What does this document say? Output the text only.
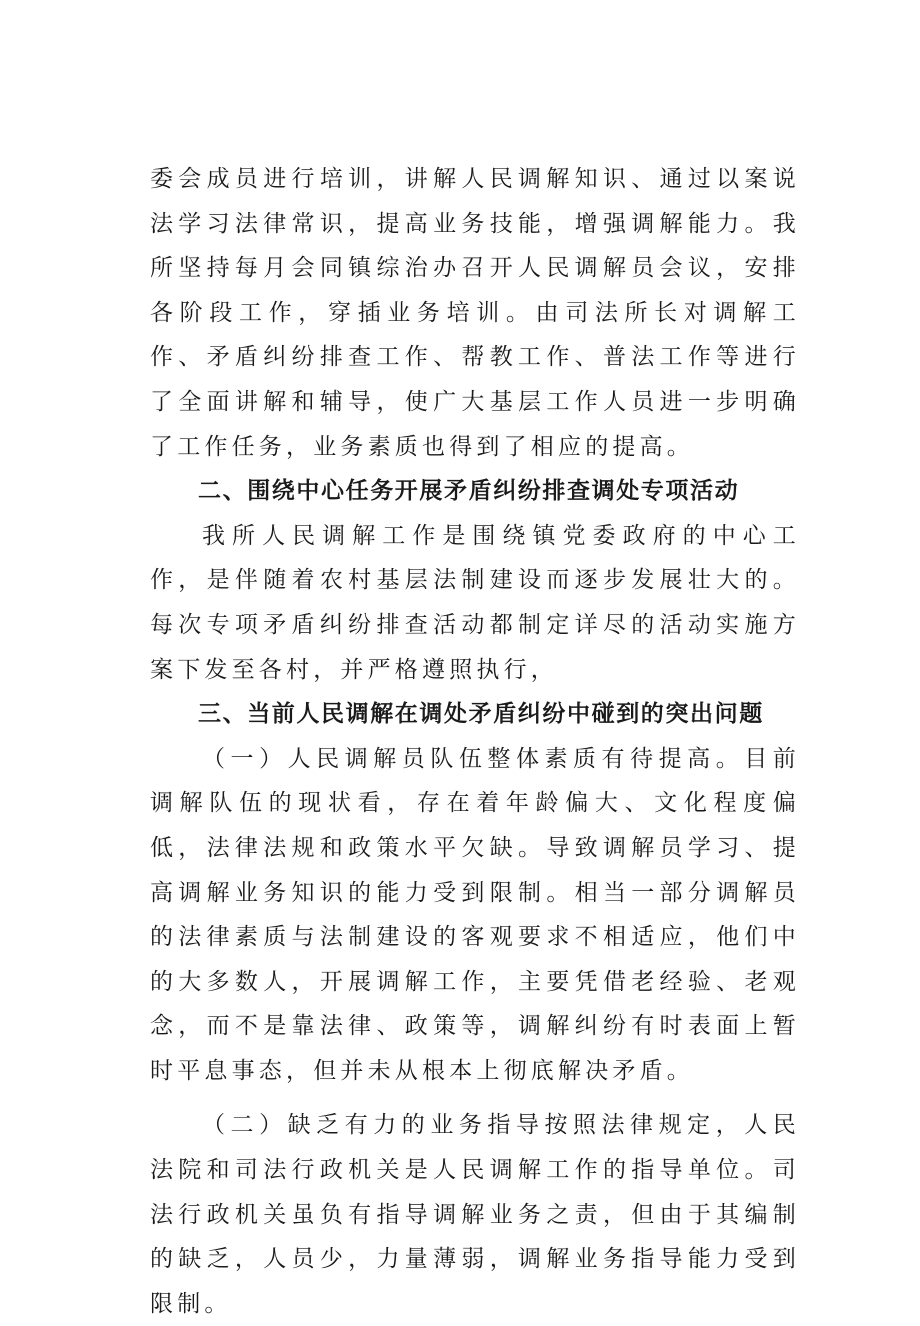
委会成员进行培训，讲解人民调解知识、通过以案说法学习法律常识，提高业务技能，增强调解能力。我所坚持每月会同镇综治办召开人民调解员会议，安排各阶段工作，穿插业务培训。由司法所长对调解工作、矛盾纠纷排查工作、帮教工作、普法工作等进行了全面讲解和辅导，使广大基层工作人员进一步明确了工作任务，业务素质也得到了相应的提高。

二、围绕中心任务开展矛盾纠纷排查调处专项活动

我所人民调解工作是围绕镇党委政府的中心工作，是伴随着农村基层法制建设而逐步发展壮大的。每次专项矛盾纠纷排查活动都制定详尽的活动实施方案下发至各村，并严格遵照执行，

三、当前人民调解在调处矛盾纠纷中碰到的突出问题

（一）人民调解员队伍整体素质有待提高。目前调解队伍的现状看，存在着年龄偏大、文化程度偏低，法律法规和政策水平欠缺。导致调解员学习、提高调解业务知识的能力受到限制。相当一部分调解员的法律素质与法制建设的客观要求不相适应，他们中的大多数人，开展调解工作，主要凭借老经验、老观念，而不是靠法律、政策等，调解纠纷有时表面上暂时平息事态，但并未从根本上彻底解决矛盾。

（二）缺乏有力的业务指导按照法律规定，人民法院和司法行政机关是人民调解工作的指导单位。司法行政机关虽负有指导调解业务之责，但由于其编制的缺乏，人员少，力量薄弱，调解业务指导能力受到限制。
